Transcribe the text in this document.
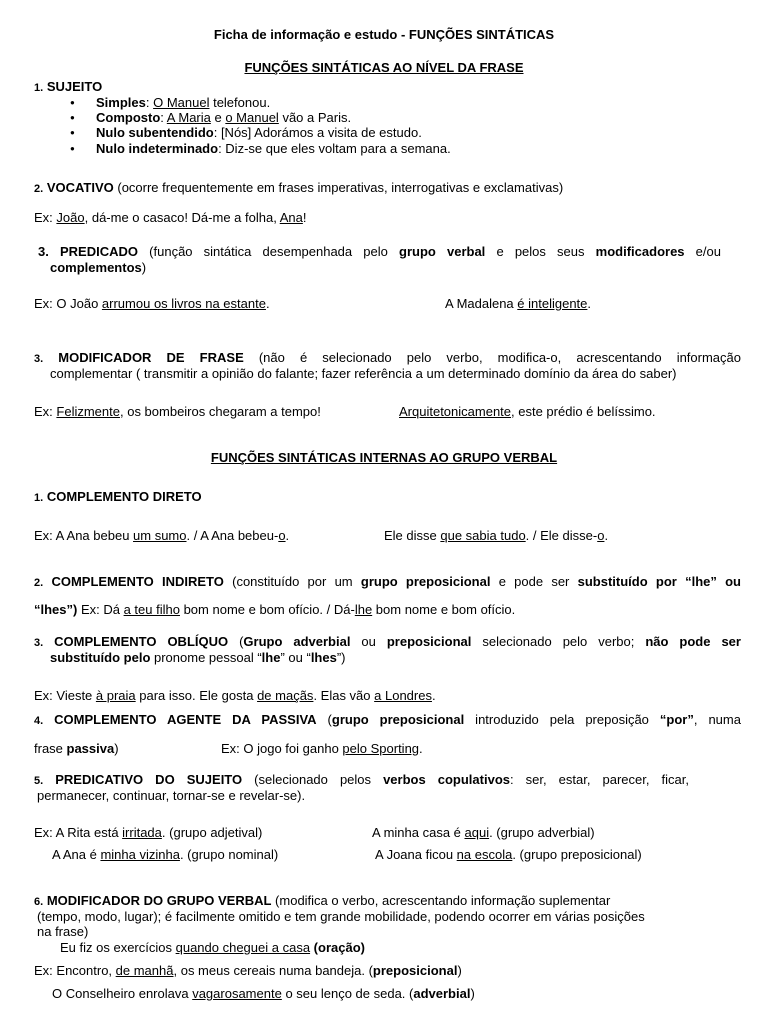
Ficha de informação e estudo - FUNÇÕES SINTÁTICAS
FUNÇÕES SINTÁTICAS AO NÍVEL DA FRASE
1. SUJEITO
● Simples: O Manuel telefonou.
● Composto: A Maria e o Manuel vão a Paris.
● Nulo subentendido: [Nós] Adorámos a visita de estudo.
● Nulo indeterminado: Diz-se que eles voltam para a semana.
2. VOCATIVO (ocorre frequentemente em frases imperativas, interrogativas e exclamativas)
Ex: João, dá-me o casaco! Dá-me a folha, Ana!
3. PREDICADO (função sintática desempenhada pelo grupo verbal e pelos seus modificadores e/ou
complementos)
Ex: O João arrumou os livros na estante.	A Madalena é inteligente.
3. MODIFICADOR DE FRASE (não é selecionado pelo verbo, modifica-o, acrescentando informação
complementar ( transmitir a opinião do falante; fazer referência a um determinado domínio da área do saber)
Ex: Felizmente, os bombeiros chegaram a tempo!	Arquitetonicamente, este prédio é belíssimo.
FUNÇÕES SINTÁTICAS INTERNAS AO GRUPO VERBAL
1. COMPLEMENTO DIRETO
Ex: A Ana bebeu um sumo. / A Ana bebeu-o.	Ele disse que sabia tudo. / Ele disse-o.
2. COMPLEMENTO INDIRETO (constituído por um grupo preposicional e pode ser substituído por “lhe” ou
“lhes”) Ex: Dá a teu filho bom nome e bom ofício. / Dá-lhe bom nome e bom ofício.
3. COMPLEMENTO OBLÍQUO (Grupo adverbial ou preposicional selecionado pelo verbo; não pode ser
substituído pelo pronome pessoal “lhe” ou “lhes”)
Ex: Vieste à praia para isso. Ele gosta de maçãs. Elas vão a Londres.
4. COMPLEMENTO AGENTE DA PASSIVA (grupo preposicional introduzido pela preposição “por”, numa
frase passiva)	Ex: O jogo foi ganho pelo Sporting.
5. PREDICATIVO DO SUJEITO (selecionado pelos verbos copulativos: ser, estar, parecer, ficar,
permanecer, continuar, tornar-se e revelar-se).
Ex: A Rita está irritada. (grupo adjetival)	A minha casa é aqui. (grupo adverbial)
A Ana é minha vizinha. (grupo nominal)	A Joana ficou na escola. (grupo preposicional)
6. MODIFICADOR DO GRUPO VERBAL (modifica o verbo, acrescentando informação suplementar
(tempo, modo, lugar); é facilmente omitido e tem grande mobilidade, podendo ocorrer em várias posições
na frase)
Eu fiz os exercícios quando cheguei a casa (oração)
Ex: Encontro, de manhã, os meus cereais numa bandeja. (preposicional)
O Conselheiro enrolava vagarosamente o seu lenço de seda. (adverbial)
